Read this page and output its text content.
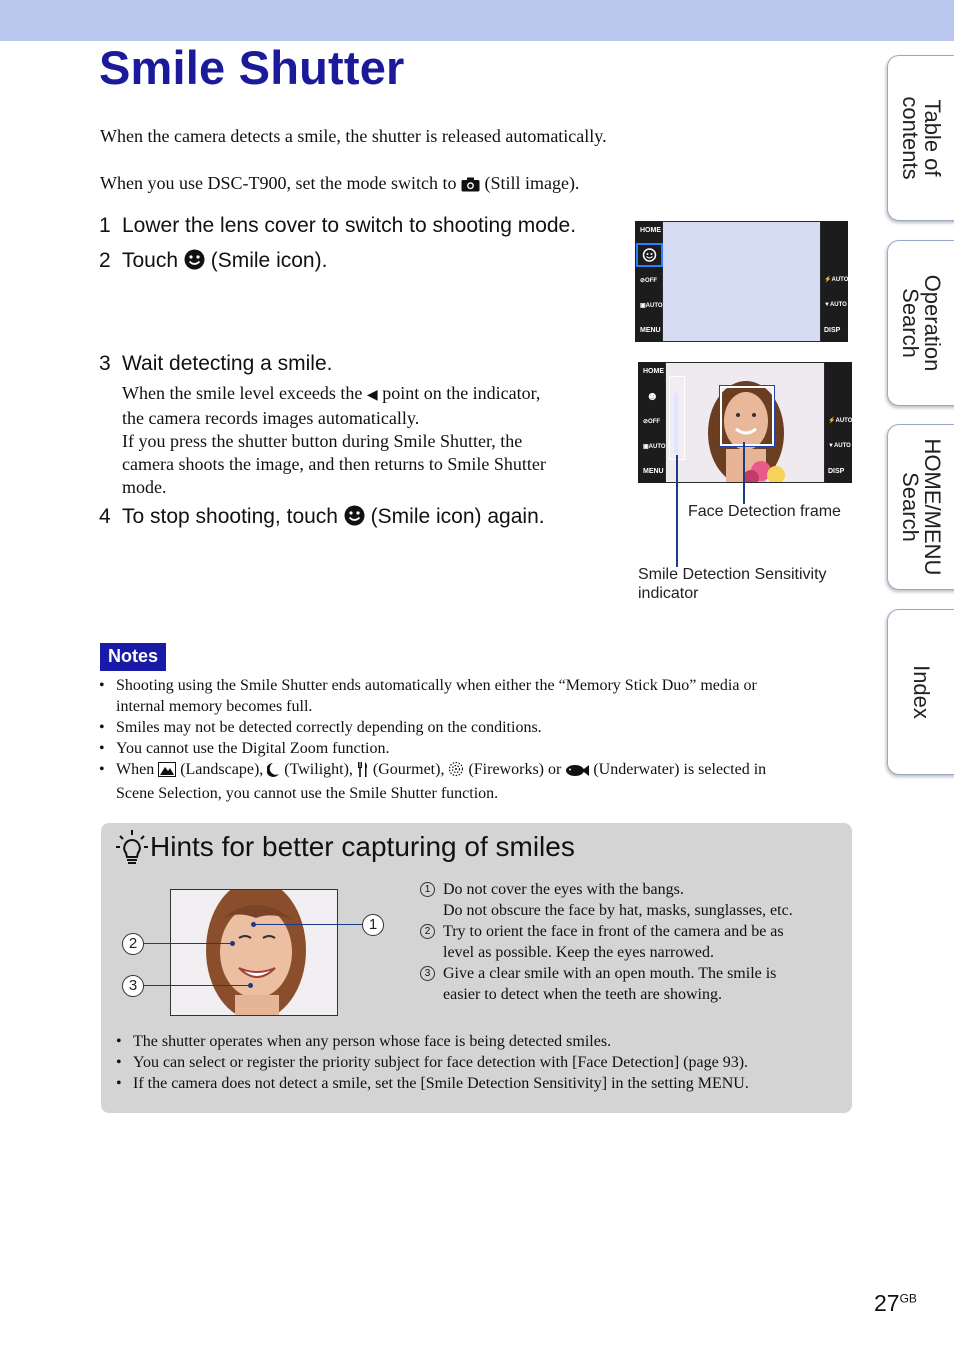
Smile Shutter
When the camera detects a smile, the shutter is released automatically.
When you use DSC-T900, set the mode switch to (Still image).
1 Lower the lens cover to switch to shooting mode.
2 Touch (Smile icon).
3 Wait detecting a smile.
When the smile level exceeds the ◀ point on the indicator,
the camera records images automatically.
If you press the shutter button during Smile Shutter, the
camera shoots the image, and then returns to Smile Shutter
mode.
4 To stop shooting, touch (Smile icon) again.
HOME
⊘OFF
▣AUTO
MENU
⚡AUTO
▼AUTO
DISP
HOME
☻
⊘OFF
▣AUTO
MENU
⚡AUTO
▼AUTO
DISP
Face Detection frame
Smile Detection Sensitivity
indicator
Notes
• Shooting using the Smile Shutter ends automatically when either the “Memory Stick Duo” media or
internal memory becomes full.
• Smiles may not be detected correctly depending on the conditions.
• You cannot use the Digital Zoom function.
• When (Landscape), (Twilight), (Gourmet), (Fireworks) or (Underwater) is selected in
Scene Selection, you cannot use the Smile Shutter function.
Hints for better capturing of smiles
1
2
3
1 Do not cover the eyes with the bangs.
Do not obscure the face by hat, masks, sunglasses, etc.
2 Try to orient the face in front of the camera and be as
level as possible. Keep the eyes narrowed.
3 Give a clear smile with an open mouth. The smile is
easier to detect when the teeth are showing.
• The shutter operates when any person whose face is being detected smiles.
• You can select or register the priority subject for face detection with [Face Detection] (page 93).
• If the camera does not detect a smile, set the [Smile Detection Sensitivity] in the setting MENU.
Table of
contents
Operation
Search
HOME/MENU
Search
Index
$27^{GB}$
